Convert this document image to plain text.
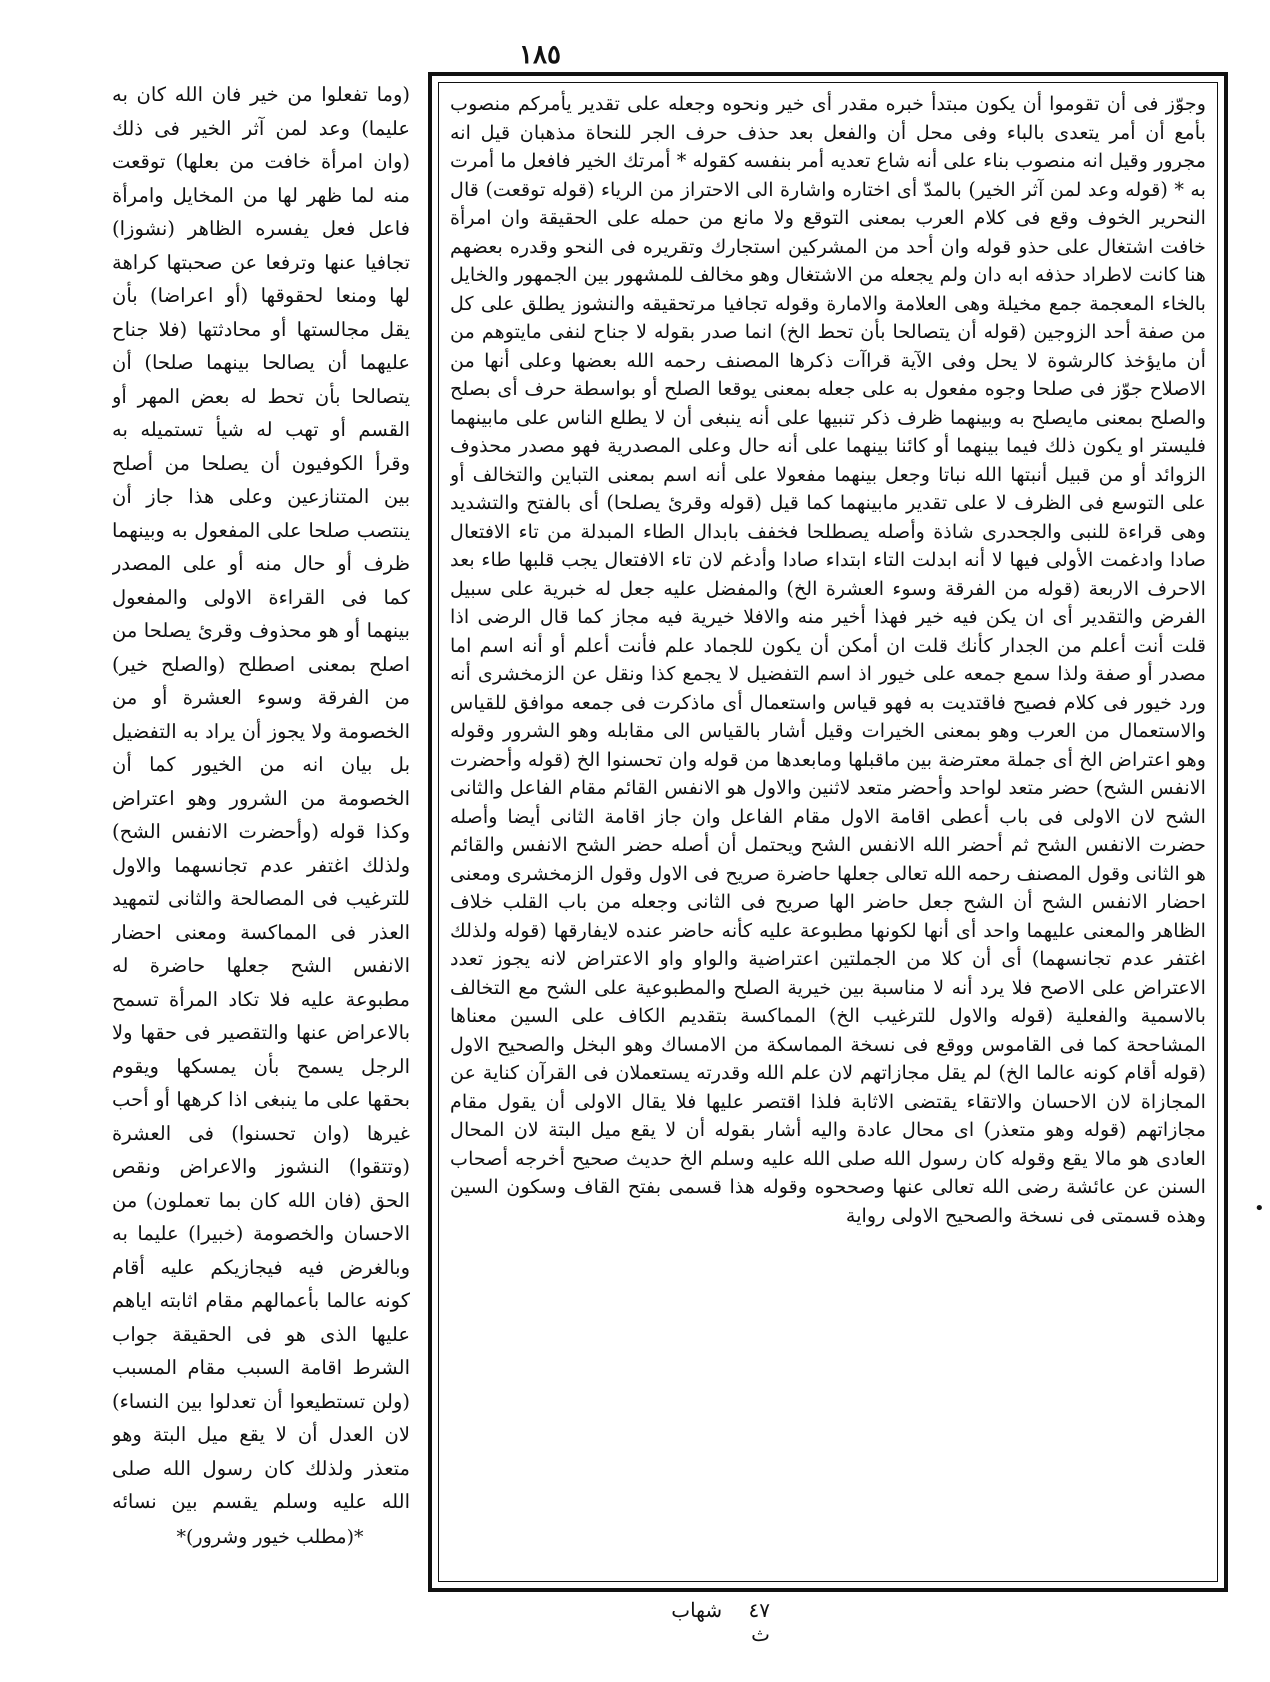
١٨٥
وجوّز فى أن تقوموا أن يكون مبتدأ خبره مقدر أى خير ونحوه وجعله على تقدير يأمركم منصوب بأمع أن أمر يتعدى بالباء وفى محل أن والفعل بعد حذف حرف الجر للنحاة مذهبان قيل انه مجرور وقيل انه منصوب بناء على أنه شاع تعديه أمر بنفسه كقوله * أمرتك الخير فافعل ما أمرت به * (قوله وعد لمن آثر الخير) بالمدّ أى اختاره واشارة الى الاحتراز من الرياء (قوله توقعت) قال النحرير الخوف وقع فى كلام العرب بمعنى التوقع ولا مانع من حمله على الحقيقة وان امرأة خافت اشتغال على حذو قوله وان أحد من المشركين استجارك وتقريره فى النحو وقدره بعضهم هنا كانت لاطراد حذفه ابه دان ولم يجعله من الاشتغال وهو مخالف للمشهور بين الجمهور والخايل بالخاء المعجمة جمع مخيلة وهى العلامة والامارة وقوله تجافيا مرتحقيقه والنشوز يطلق على كل من صفة أحد الزوجين (قوله أن يتصالحا بأن تحط الخ) انما صدر بقوله لا جناح لنفى مايتوهم من أن مايؤخذ كالرشوة لا يحل وفى الآية قراآت ذكرها المصنف رحمه الله بعضها وعلى أنها من الاصلاح جوّز فى صلحا وجوه مفعول به على جعله بمعنى يوقعا الصلح أو بواسطة حرف أى بصلح والصلح بمعنى مايصلح به وبينهما ظرف ذكر تنبيها على أنه ينبغى أن لا يطلع الناس على مابينهما فليستر او يكون ذلك فيما بينهما أو كائنا بينهما على أنه حال وعلى المصدرية فهو مصدر محذوف الزوائد أو من قبيل أنبتها الله نباتا وجعل بينهما مفعولا على أنه اسم بمعنى التباين والتخالف أو على التوسع فى الظرف لا على تقدير مابينهما كما قيل (قوله وقرئ يصلحا) أى بالفتح والتشديد وهى قراءة للنبى والجحدرى شاذة وأصله يصطلحا فخفف بابدال الطاء المبدلة من تاء الافتعال صادا وادغمت الأولى فيها لا أنه ابدلت التاء ابتداء صادا وأدغم لان تاء الافتعال يجب قلبها طاء بعد الاحرف الاربعة (قوله من الفرقة وسوء العشرة الخ) والمفضل عليه جعل له خبرية على سبيل الفرض والتقدير أى ان يكن فيه خير فهذا أخير منه والافلا خيرية فيه مجاز كما قال الرضى اذا قلت أنت أعلم من الجدار كأنك قلت ان أمكن أن يكون للجماد علم فأنت أعلم أو أنه اسم اما مصدر أو صفة ولذا سمع جمعه على خيور اذ اسم التفضيل لا يجمع كذا ونقل عن الزمخشرى أنه ورد خيور فى كلام فصيح فاقتديت به فهو قياس واستعمال أى ماذكرت فى جمعه موافق للقياس والاستعمال من العرب وهو بمعنى الخيرات وقيل أشار بالقياس الى مقابله وهو الشرور وقوله وهو اعتراض الخ أى جملة معترضة بين ماقبلها ومابعدها من قوله وان تحسنوا الخ (قوله وأحضرت الانفس الشح) حضر متعد لواحد وأحضر متعد لاثنين والاول هو الانفس القائم مقام الفاعل والثانى الشح لان الاولى فى باب أعطى اقامة الاول مقام الفاعل وان جاز اقامة الثانى أيضا وأصله حضرت الانفس الشح ثم أحضر الله الانفس الشح ويحتمل أن أصله حضر الشح الانفس والقائم هو الثانى وقول المصنف رحمه الله تعالى جعلها حاضرة صريح فى الاول وقول الزمخشرى ومعنى احضار الانفس الشح أن الشح جعل حاضر الها صريح فى الثانى وجعله من باب القلب خلاف الظاهر والمعنى عليهما واحد أى أنها لكونها مطبوعة عليه كأنه حاضر عنده لايفارقها (قوله ولذلك اغتفر عدم تجانسهما) أى أن كلا من الجملتين اعتراضية والواو واو الاعتراض لانه يجوز تعدد الاعتراض على الاصح فلا يرد أنه لا مناسبة بين خيرية الصلح والمطبوعية على الشح مع التخالف بالاسمية والفعلية (قوله والاول للترغيب الخ) المماكسة بتقديم الكاف على السين معناها المشاححة كما فى القاموس ووقع فى نسخة المماسكة من الامساك وهو البخل والصحيح الاول (قوله أقام كونه عالما الخ) لم يقل مجازاتهم لان علم الله وقدرته يستعملان فى القرآن كناية عن المجازاة لان الاحسان والاتقاء يقتضى الاثابة فلذا اقتصر عليها فلا يقال الاولى أن يقول مقام مجازاتهم (قوله وهو متعذر) اى محال عادة واليه أشار بقوله أن لا يقع ميل البتة لان المحال العادى هو مالا يقع وقوله كان رسول الله صلى الله عليه وسلم الخ حديث صحيح أخرجه أصحاب السنن عن عائشة رضى الله تعالى عنها وصححوه وقوله هذا قسمى بفتح القاف وسكون السين وهذه قسمتى فى نسخة والصحيح الاولى رواية
(وما تفعلوا من خير فان الله كان به عليما) وعد لمن آثر الخير فى ذلك (وان امرأة خافت من بعلها) توقعت منه لما ظهر لها من المخايل وامرأة فاعل فعل يفسره الظاهر (نشوزا) تجافيا عنها وترفعا عن صحبتها كراهة لها ومنعا لحقوقها (أو اعراضا) بأن يقل مجالستها أو محادثتها (فلا جناح عليهما أن يصالحا بينهما صلحا) أن يتصالحا بأن تحط له بعض المهر أو القسم أو تهب له شيأ تستميله به وقرأ الكوفيون أن يصلحا من أصلح بين المتنازعين وعلى هذا جاز أن ينتصب صلحا على المفعول به وبينهما ظرف أو حال منه أو على المصدر كما فى القراءة الاولى والمفعول بينهما أو هو محذوف وقرئ يصلحا من اصلح بمعنى اصطلح (والصلح خير) من الفرقة وسوء العشرة أو من الخصومة ولا يجوز أن يراد به التفضيل بل بيان انه من الخيور كما أن الخصومة من الشرور وهو اعتراض وكذا قوله (وأحضرت الانفس الشح) ولذلك اغتفر عدم تجانسهما والاول للترغيب فى المصالحة والثانى لتمهيد العذر فى المماكسة ومعنى احضار الانفس الشح جعلها حاضرة له مطبوعة عليه فلا تكاد المرأة تسمح بالاعراض عنها والتقصير فى حقها ولا الرجل يسمح بأن يمسكها ويقوم بحقها على ما ينبغى اذا كرهها أو أحب غيرها (وان تحسنوا) فى العشرة (وتتقوا) النشوز والاعراض ونقص الحق (فان الله كان بما تعملون) من الاحسان والخصومة (خبيرا) عليما به وبالغرض فيه فيجازيكم عليه أقام كونه عالما بأعمالهم مقام اثابته اياهم عليها الذى هو فى الحقيقة جواب الشرط اقامة السبب مقام المسبب (ولن تستطيعوا أن تعدلوا بين النساء) لان العدل أن لا يقع ميل البتة وهو متعذر ولذلك كان رسول الله صلى الله عليه وسلم يقسم بين نسائه
*(مطلب خيور وشرور)*
٤٧ شهاب ث
•
